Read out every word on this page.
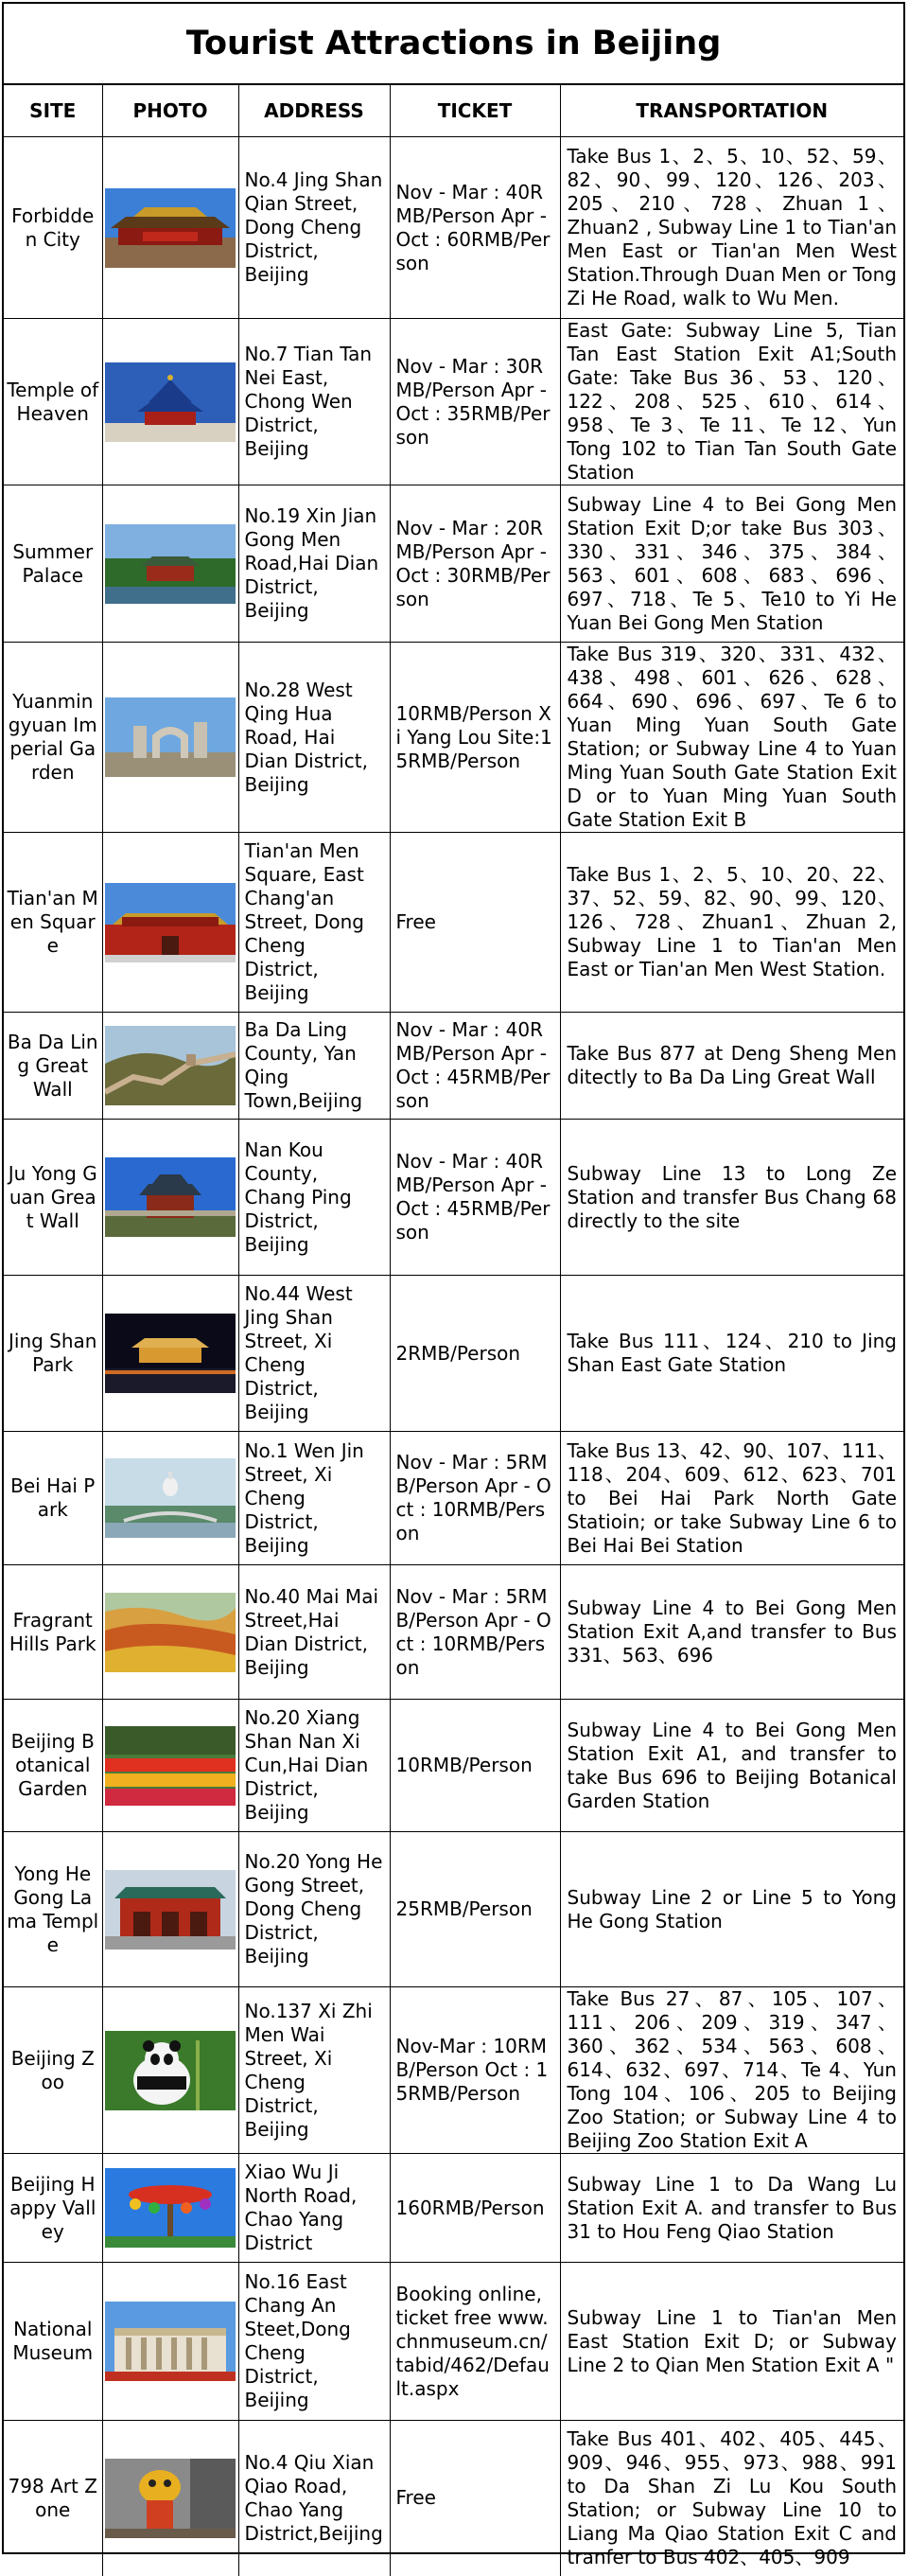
Tourist Attractions in Beijing
SITE	PHOTO	ADDRESS	TICKET	TRANSPORTATION
Forbidden City		No.4 Jing Shan Qian Street, Dong Cheng District, Beijing	Nov - Mar : 40RMB/Person Apr - Oct : 60RMB/Person	Take Bus 1、2、5、10、52、59、82、90、99、120、126、203、205、210、728、Zhuan 1、Zhuan2 , Subway Line 1 to Tian'an Men East or Tian'an Men West Station.Through Duan Men or Tong Zi He Road, walk to Wu Men.
Temple of Heaven		No.7 Tian Tan Nei East, Chong Wen District, Beijing	Nov - Mar : 30RMB/Person Apr - Oct : 35RMB/Person	East Gate: Subway Line 5, Tian Tan East Station Exit A1;South Gate: Take Bus 36、53、120、122、208、525、610、614、958、Te 3、Te 11、Te 12、Yun Tong 102 to Tian Tan South Gate Station
Summer Palace		No.19 Xin Jian Gong Men Road,Hai Dian District, Beijing	Nov - Mar : 20RMB/Person Apr - Oct : 30RMB/Person	Subway Line 4 to Bei Gong Men Station Exit D;or take Bus 303、330、331、346、375、384、563、601、608、683、696、697、718、Te 5、Te10 to Yi He Yuan Bei Gong Men Station
Yuanmingyuan Imperial Garden		No.28 West Qing Hua Road, Hai Dian District, Beijing	10RMB/Person Xi Yang Lou Site:15RMB/Person	Take Bus 319、320、331、432、438、498、601、626、628、664、690、696、697、Te 6 to Yuan Ming Yuan South Gate Station; or Subway Line 4 to Yuan Ming Yuan South Gate Station Exit D or to Yuan Ming Yuan South Gate Station Exit B
Tian'an Men Square		Tian'an Men Square, East Chang'an Street, Dong Cheng District, Beijing	Free	Take Bus 1、2、5、10、20、22、37、52、59、82、90、99、120、126、728、Zhuan1、Zhuan 2, Subway Line 1 to Tian'an Men East or Tian'an Men West Station.
Ba Da Ling Great Wall		Ba Da Ling County, Yan Qing Town,Beijing	Nov - Mar : 40RMB/Person Apr - Oct : 45RMB/Person	Take Bus 877 at Deng Sheng Men ditectly to Ba Da Ling Great Wall
Ju Yong Guan Great Wall		Nan Kou County, Chang Ping District, Beijing	Nov - Mar : 40RMB/Person Apr - Oct : 45RMB/Person	Subway Line 13 to Long Ze Station and transfer Bus Chang 68 directly to the site
Jing Shan Park		No.44 West Jing Shan Street, Xi Cheng District, Beijing	2RMB/Person	Take Bus 111、124、210 to Jing Shan East Gate Station
Bei Hai Park		No.1 Wen Jin Street, Xi Cheng District, Beijing	Nov - Mar : 5RMB/Person Apr - Oct : 10RMB/Person	Take Bus 13、42、90、107、111、118、204、609、612、623、701 to Bei Hai Park North Gate Statioin; or take Subway Line 6 to Bei Hai Bei Station
Fragrant Hills Park		No.40 Mai Mai Street,Hai Dian District, Beijing	Nov - Mar : 5RMB/Person Apr - Oct : 10RMB/Person	Subway Line 4 to Bei Gong Men Station Exit A,and transfer to Bus 331、563、696
Beijing Botanical Garden		No.20 Xiang Shan Nan Xi Cun,Hai Dian District, Beijing	10RMB/Person	Subway Line 4 to Bei Gong Men Station Exit A1, and transfer to take Bus 696 to Beijing Botanical Garden Station
Yong He Gong Lama Temple		No.20 Yong He Gong Street, Dong Cheng District, Beijing	25RMB/Person	Subway Line 2 or Line 5 to Yong He Gong Station
Beijing Zoo		No.137 Xi Zhi Men Wai Street, Xi Cheng District, Beijing	Nov-Mar : 10RMB/Person Oct : 15RMB/Person	Take Bus 27、87、105、107、111、206、209、319、347、360、362、534、563、608、614、632、697、714、Te 4、Yun Tong 104、106、205 to Beijing Zoo Station; or Subway Line 4 to Beijing Zoo Station Exit A
Beijing Happy Valley		Xiao Wu Ji North Road, Chao Yang District	160RMB/Person	Subway Line 1 to Da Wang Lu Station Exit A. and transfer to Bus 31 to Hou Feng Qiao Station
National Museum		No.16 East Chang An Steet,Dong Cheng District, Beijing	Booking online, ticket free www.chnmuseum.cn/tabid/462/Default.aspx	Subway Line 1 to Tian'an Men East Station Exit D; or Subway Line 2 to Qian Men Station Exit A "
798 Art Zone		No.4 Qiu Xian Qiao Road, Chao Yang District,Beijing	Free	Take Bus 401、402、405、445、909、946、955、973、988、991 to Da Shan Zi Lu Kou South Station; or Subway Line 10 to Liang Ma Qiao Station Exit C and tranfer to Bus 402、405、909
